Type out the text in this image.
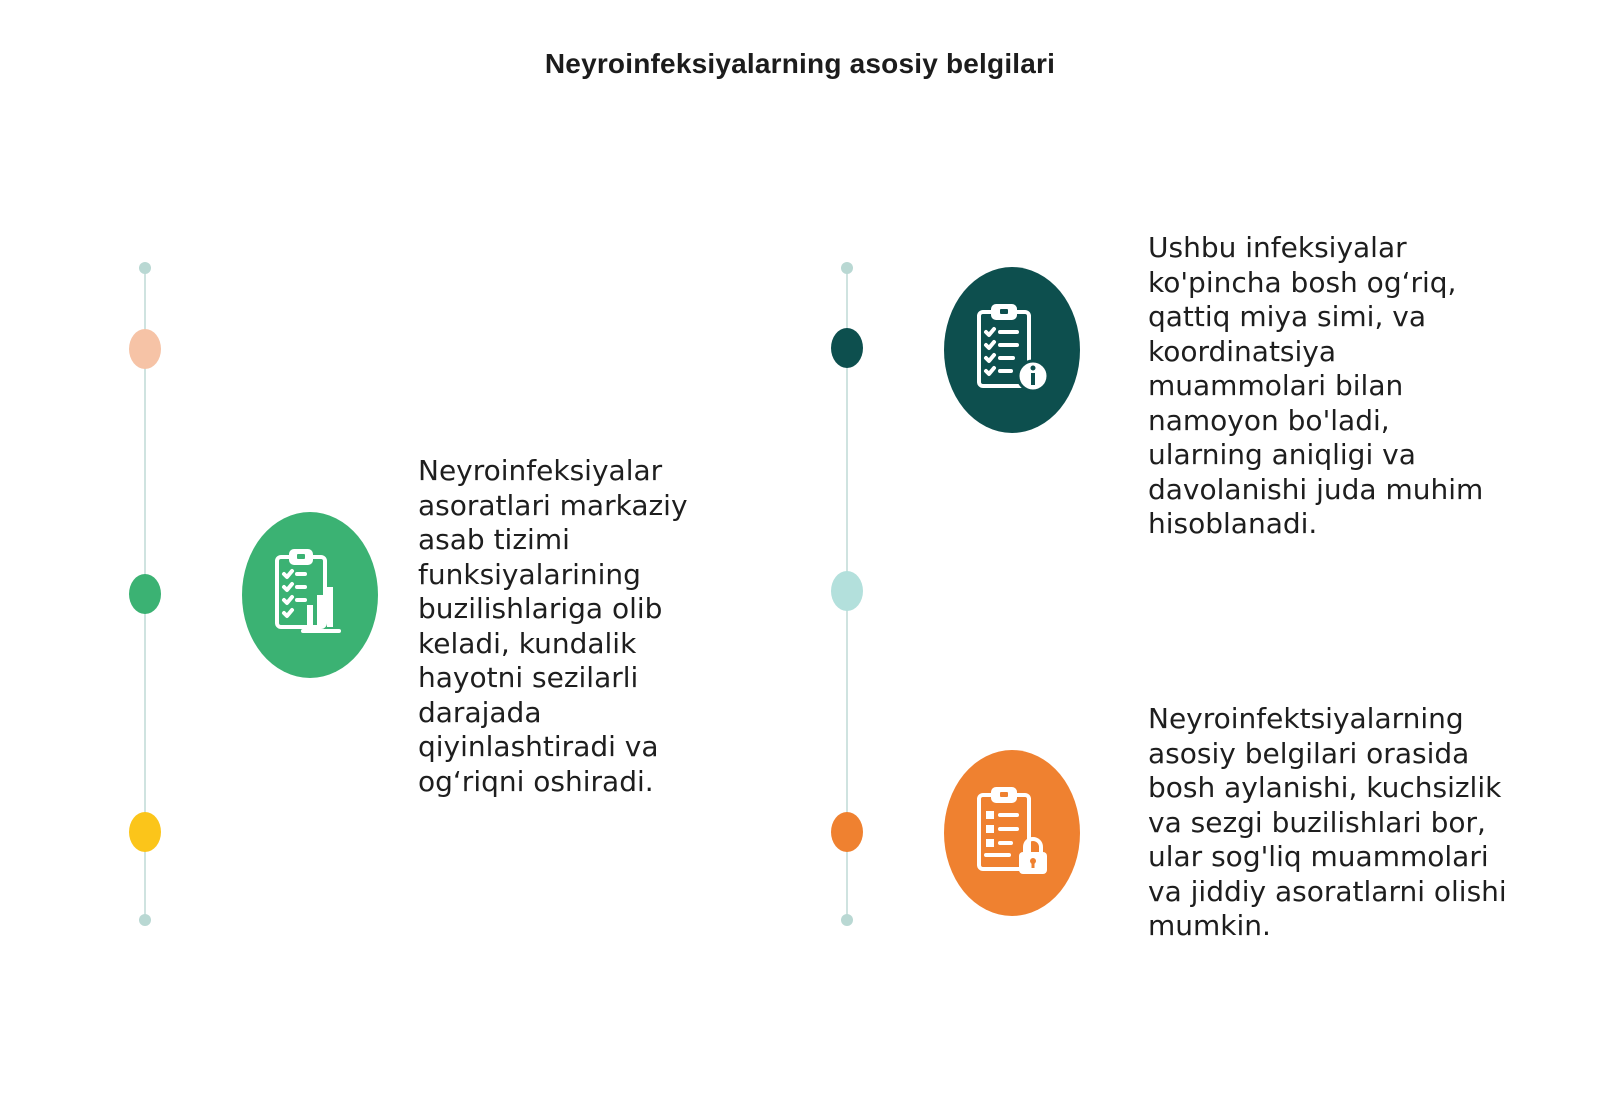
Neyroinfeksiyalarning asosiy belgilari
Neyroinfeksiyalar asoratlari markaziy asab tizimi funksiyalarining buzilishlariga olib keladi, kundalik hayotni sezilarli darajada qiyinlashtiradi va og‘riqni oshiradi.
Ushbu infeksiyalar ko'pincha bosh og‘riq, qattiq miya simi, va koordinatsiya muammolari bilan namoyon bo'ladi, ularning aniqligi va davolanishi juda muhim hisoblanadi.
Neyroinfektsiyalarning asosiy belgilari orasida bosh aylanishi, kuchsizlik va sezgi buzilishlari bor, ular sog'liq muammolari va jiddiy asoratlarni olishi mumkin.
